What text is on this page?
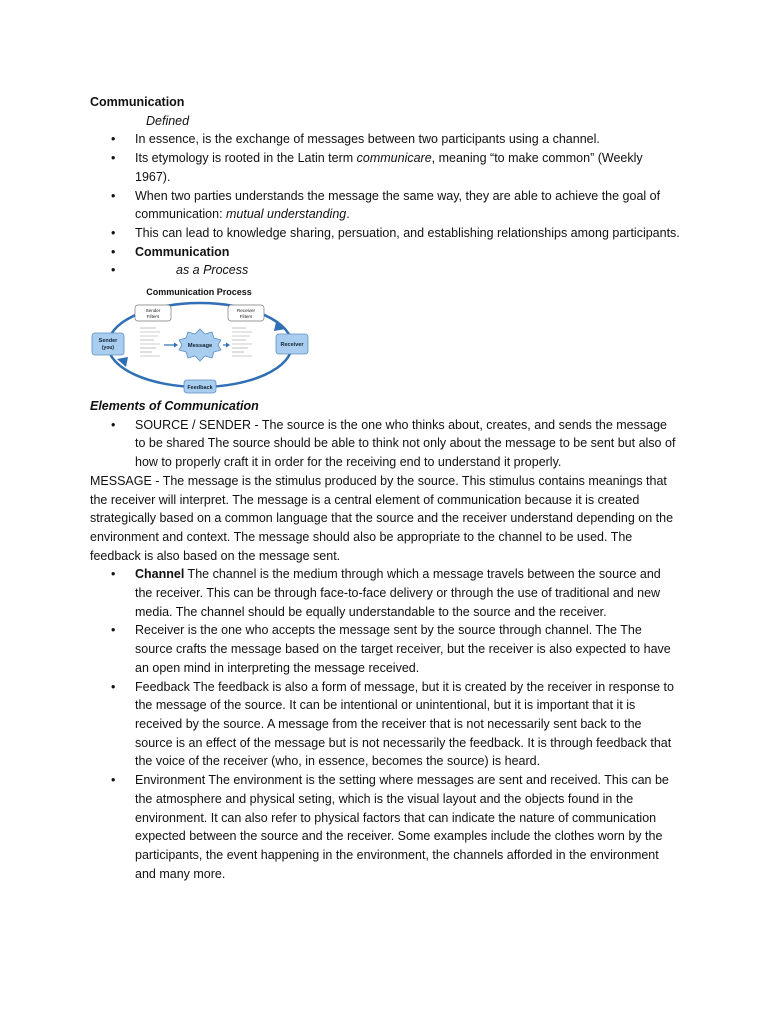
Communication
Defined
• In essence, is the exchange of messages between two participants using a channel.
• Its etymology is rooted in the Latin term communicare, meaning “to make common” (Weekly 1967).
• When two parties understands the message the same way, they are able to achieve the goal of communication: mutual understanding.
• This can lead to knowledge sharing, persuation, and establishing relationships among participants.
• Communication
•	as a Process
Communication Process
Sender
Filters
Receiver
Filters
Sender
(you)	Message	Receiver
Feedback
Elements of Communication
• SOURCE / SENDER - The source is the one who thinks about, creates, and sends the message to be shared The source should be able to think not only about the message to be sent but also of how to properly craft it in order for the receiving end to understand it properly.
MESSAGE - The message is the stimulus produced by the source. This stimulus contains meanings that the receiver will interpret. The message is a central element of communication because it is created strategically based on a common language that the source and the receiver understand depending on the environment and context. The message should also be appropriate to the channel to be used. The feedback is also based on the message sent.
• Channel The channel is the medium through which a message travels between the source and the receiver. This can be through face-to-face delivery or through the use of traditional and new media. The channel should be equally understandable to the source and the receiver.
• Receiver is the one who accepts the message sent by the source through channel. The The source crafts the message based on the target receiver, but the receiver is also expected to have an open mind in interpreting the message received.
• Feedback The feedback is also a form of message, but it is created by the receiver in response to the message of the source. It can be intentional or unintentional, but it is important that it is received by the source. A message from the receiver that is not necessarily sent back to the source is an effect of the message but is not necessarily the feedback. It is through feedback that the voice of the receiver (who, in essence, becomes the source) is heard.
• Environment The environment is the setting where messages are sent and received. This can be the atmosphere and physical seting, which is the visual layout and the objects found in the environment. It can also refer to physical factors that can indicate the nature of communication expected between the source and the receiver. Some examples include the clothes worn by the participants, the event happening in the environment, the channels afforded in the environment and many more.
